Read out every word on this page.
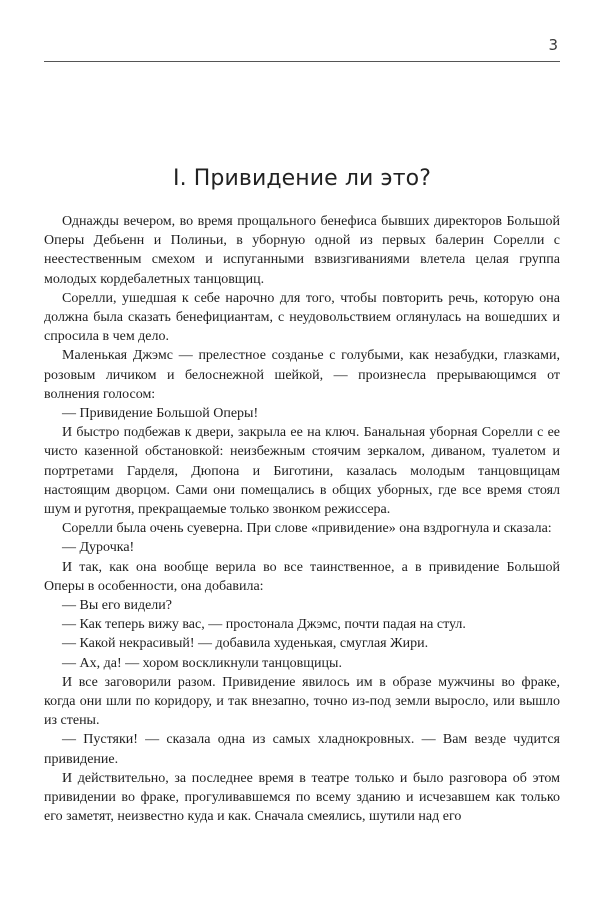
3
I. Привидение ли это?

Однажды вечером, во время прощального бенефиса бывших директоров Большой Оперы Дебьенн и Полиньи, в уборную одной из первых балерин Сорелли с неестественным смехом и испуганными взвизгиваниями влетела целая группа молодых кордебалетных танцовщиц.

Сорелли, ушедшая к себе нарочно для того, чтобы повторить речь, которую она должна была сказать бенефициантам, с неудовольствием оглянулась на вошедших и спросила в чем дело.

Маленькая Джэмс — прелестное созданье с голубыми, как незабудки, глазками, розовым личиком и белоснежной шейкой, — произнесла прерывающимся от волнения голосом:

— Привидение Большой Оперы!

И быстро подбежав к двери, закрыла ее на ключ. Банальная уборная Сорелли с ее чисто казенной обстановкой: неизбежным стоячим зеркалом, диваном, туалетом и портретами Гарделя, Дюпона и Биготини, казалась молодым танцовщицам настоящим дворцом. Сами они помещались в общих уборных, где все время стоял шум и руготня, прекращаемые только звонком режиссера.

Сорелли была очень суеверна. При слове «привидение» она вздрогнула и сказала:

— Дурочка!

И так, как она вообще верила во все таинственное, а в привидение Большой Оперы в особенности, она добавила:

— Вы его видели?

— Как теперь вижу вас, — простонала Джэмс, почти падая на стул.

— Какой некрасивый! — добавила худенькая, смуглая Жири.

— Ах, да! — хором воскликнули танцовщицы.

И все заговорили разом. Привидение явилось им в образе мужчины во фраке, когда они шли по коридору, и так внезапно, точно из-под земли выросло, или вышло из стены.

— Пустяки! — сказала одна из самых хладнокровных. — Вам везде чудится привидение.

И действительно, за последнее время в театре только и было разговора об этом привидении во фраке, прогуливавшемся по всему зданию и исчезавшем как только его заметят, неизвестно куда и как. Сначала смеялись, шутили над его
